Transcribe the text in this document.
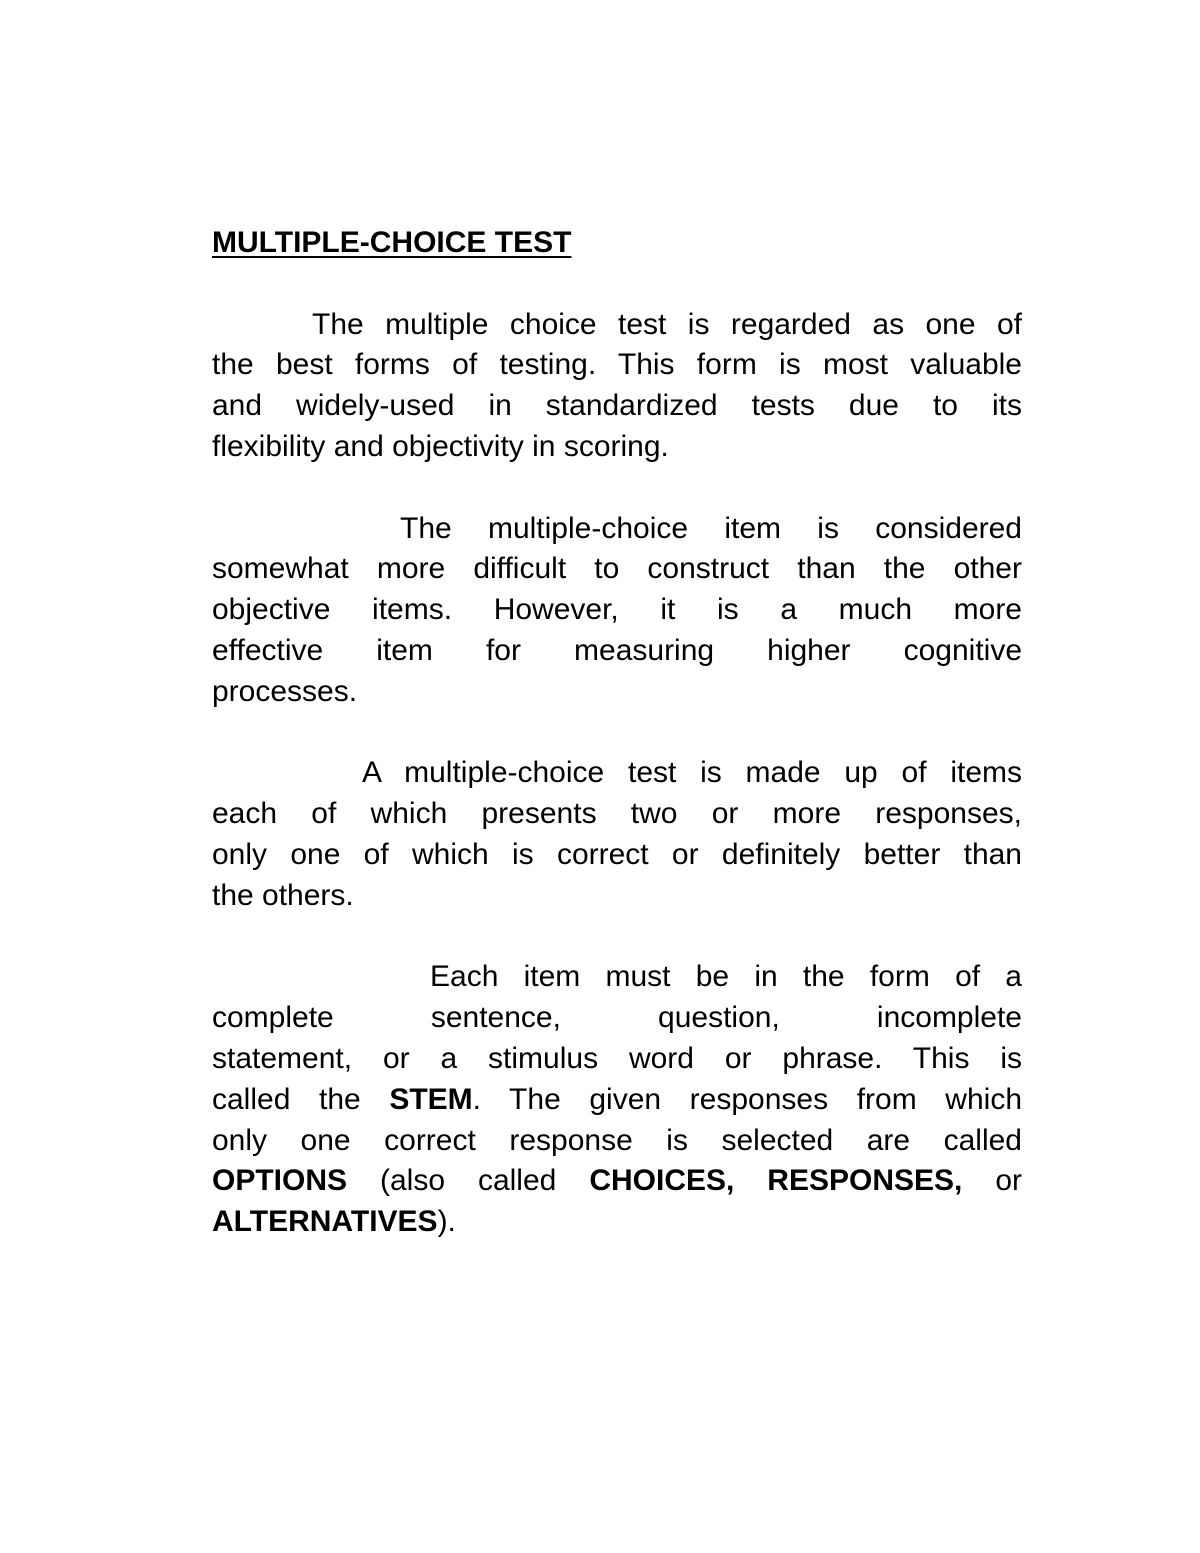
MULTIPLE-CHOICE TEST
The multiple choice test is regarded as one of
the best forms of testing. This form is most valuable
and widely-used in standardized tests due to its
flexibility and objectivity in scoring.
The multiple-choice item is considered
somewhat more difficult to construct than the other
objective items. However, it is a much more
effective item for measuring higher cognitive
processes.
A multiple-choice test is made up of items
each of which presents two or more responses,
only one of which is correct or definitely better than
the others.
Each item must be in the form of a
complete sentence, question, incomplete
statement, or a stimulus word or phrase. This is
called the STEM. The given responses from which
only one correct response is selected are called
OPTIONS (also called CHOICES, RESPONSES, or
ALTERNATIVES).
